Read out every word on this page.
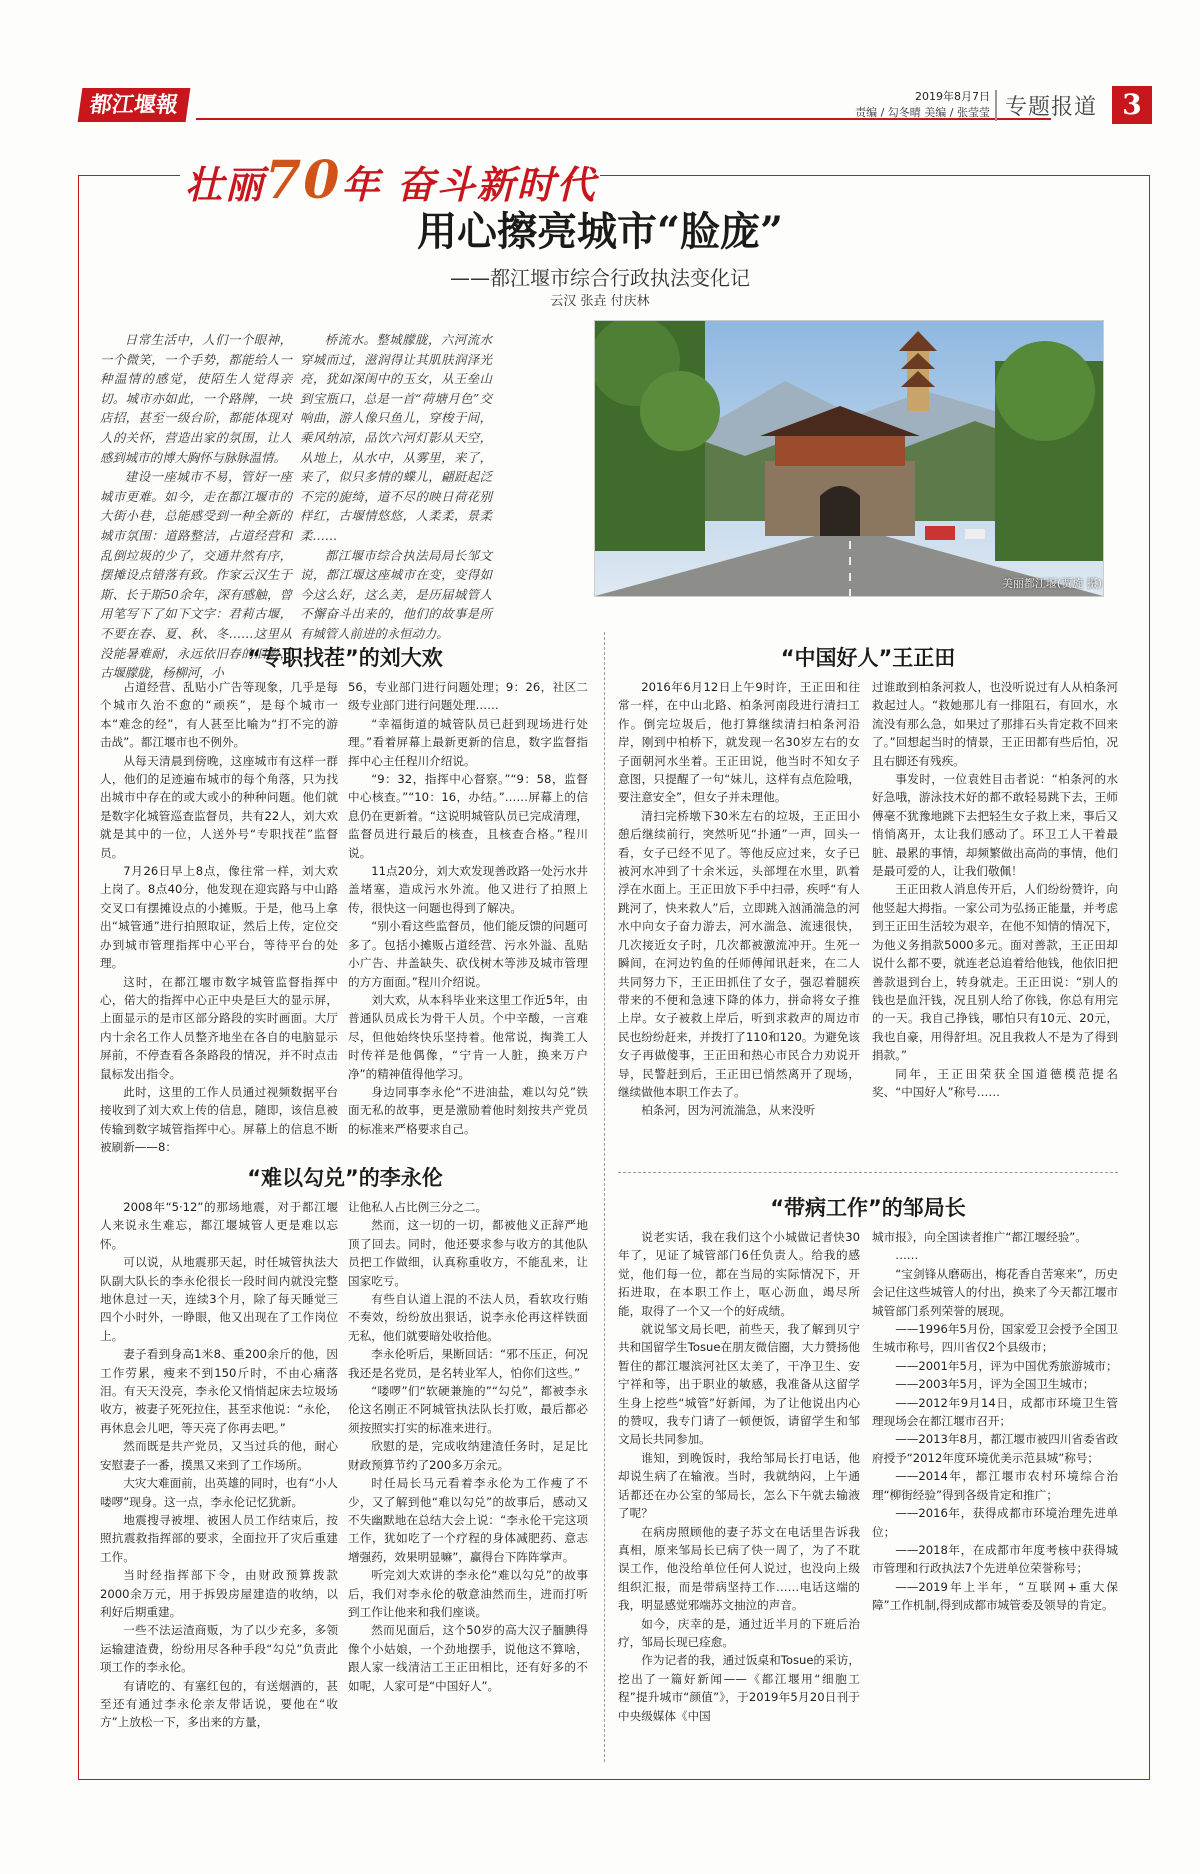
都江堰報	2019年8月7日
责编 / 勾冬晴 美编 / 张莹莹 专题报道 3
壮丽70年 奋斗新时代
用心擦亮城市“脸庞”
——都江堰市综合行政执法变化记
云汉 张垚 付庆林

日常生活中，人们一个眼神，一个微笑，一个手势，都能给人一种温情的感觉，使陌生人觉得亲切。城市亦如此，一个路牌，一块店招，甚至一级台阶，都能体现对人的关怀，营造出家的氛围，让人感到城市的博大胸怀与脉脉温情。

建设一座城市不易，管好一座城市更难。如今，走在都江堰市的大街小巷，总能感受到一种全新的城市氛围：道路整洁，占道经营和乱倒垃圾的少了，交通井然有序，摆摊设点错落有致。作家云汉生于斯、长于斯50余年，深有感触，曾用笔写下了如下文字：君莉古堰，不要在春、夏、秋、冬……这里从没能暑难耐，永远依旧春的旧影，古堰朦胧，杨柳河，小

桥流水。整城朦胧，六河流水穿城而过，滋润得让其肌肤润泽光亮，犹如深闺中的玉女，从王垒山到宝瓶口，总是一首“荷塘月色”交响曲，游人像只鱼儿，穿梭于间，乘风纳凉，品饮六河灯影从天空，从地上，从水中，从雾里，来了，来了，似只多情的蝶儿，翩跹起泛不完的旎绮，道不尽的映日荷花别样红，古堰情悠悠，人柔柔，景柔柔……

都江堰市综合执法局局长邹文说，都江堰这座城市在变，变得如今这么好，这么美，是历届城管人不懈奋斗出来的，他们的故事是所有城管人前进的永恒动力。

美丽都江堰(贾旋 摄)
“专职找茬”的刘大欢

占道经营、乱贴小广告等现象，几乎是每个城市久治不愈的“顽疾”，是每个城市一本“难念的经”，有人甚至比喻为“打不完的游击战”。都江堰市也不例外。

从每天清晨到傍晚，这座城市有这样一群人，他们的足迹遍布城市的每个角落，只为找出城市中存在的或大或小的种种问题。他们就是数字化城管巡查监督员，共有22人，刘大欢就是其中的一位，人送外号“专职找茬”监督员。

7月26日早上8点，像往常一样，刘大欢上岗了。8点40分，他发现在迎宾路与中山路交叉口有摆摊设点的小摊贩。于是，他马上拿出“城管通”进行拍照取证，然后上传，定位交办到城市管理指挥中心平台，等待平台的处理。

这时，在都江堰市数字城管监督指挥中心，偌大的指挥中心正中央是巨大的显示屏，上面显示的是市区部分路段的实时画面。大厅内十余名工作人员整齐地坐在各自的电脑显示屏前，不停查看各条路段的情况，并不时点击鼠标发出指令。

此时，这里的工作人员通过视频数据平台接收到了刘大欢上传的信息，随即，该信息被传输到数字城管指挥中心。屏幕上的信息不断被刷新——8：

56，专业部门进行问题处理；9：26，社区二级专业部门进行问题处理……

“幸福街道的城管队员已赶到现场进行处理。”看着屏幕上最新更新的信息，数字监督指挥中心主任程川介绍说。

“9：32，指挥中心督察。”“9：58，监督中心核查。”“10：16，办结。”……屏幕上的信息仍在更新着。“这说明城管队员已完成清理，监督员进行最后的核查，且核查合格。”程川说。

11点20分，刘大欢发现善政路一处污水井盖堵塞，造成污水外流。他又进行了拍照上传，很快这一问题也得到了解决。

“别小看这些监督员，他们能反馈的问题可多了。包括小摊贩占道经营、污水外溢、乱贴小广告、井盖缺失、砍伐树木等涉及城市管理的方方面面。”程川介绍说。

刘大欢，从本科毕业来这里工作近5年，由普通队员成长为骨干人员。个中辛酸，一言难尽，但他始终快乐坚持着。他常说，掏粪工人时传祥是他偶像，“宁肯一人脏，换来万户净”的精神值得他学习。

身边同事李永伦“不进油盐，难以勾兑”铁面无私的故事，更是激励着他时刻按共产党员的标准来严格要求自己。

“难以勾兑”的李永伦

2008年“5·12”的那场地震，对于都江堰人来说永生难忘，都江堰城管人更是难以忘怀。

可以说，从地震那天起，时任城管执法大队副大队长的李永伦很长一段时间内就没完整地休息过一天，连续3个月，除了每天睡觉三四个小时外，一睁眼，他又出现在了工作岗位上。

妻子看到身高1米8、重200余斤的他，因工作劳累，瘦来不到150斤时，不由心痛落泪。有天天没亮，李永伦又悄悄起床去垃圾场收方，被妻子死死拉住，甚至求他说：“永伦，再休息会儿吧，等天亮了你再去吧。”

然而既是共产党员，又当过兵的他，耐心安慰妻子一番，摸黑又来到了工作场所。

大灾大难面前，出英雄的同时，也有“小人喽啰”现身。这一点，李永伦记忆犹新。

地震搜寻被埋、被困人员工作结束后，按照抗震救指挥部的要求，全面拉开了灾后重建工作。

当时经指挥部下令，由财政预算拨款2000余万元，用于拆毁房屋建造的收纳，以利好后期重建。

一些不法运渣商贩，为了以少充多，多领运输建渣费，纷纷用尽各种手段“勾兑”负责此项工作的李永伦。

有请吃的、有塞红包的，有送烟酒的，甚至还有通过李永伦亲友带话说，要他在“收方”上放松一下，多出来的方量，

让他私人占比例三分之二。

然而，这一切的一切，都被他义正辞严地顶了回去。同时，他还要求参与收方的其他队员把工作做细，认真称重收方，不能乱来，让国家吃亏。

有些自认道上混的不法人员，看软攻行贿不奏效，纷纷放出狠话，说李永伦再这样铁面无私，他们就要暗处收拾他。

李永伦听后，果断回话：“邪不压正，何况我还是名党员，是名转业军人，怕你们这些。”

“喽啰”们“软硬兼施的”“勾兑”，都被李永伦这名刚正不阿城管执法队长打败，最后都必须按照实打实的标准来进行。

欣慰的是，完成收纳建渣任务时，足足比财政预算节约了200多万余元。

时任局长马元看着李永伦为工作瘦了不少，又了解到他“难以勾兑”的故事后，感动又不失幽默地在总结大会上说：“李永伦干完这项工作，犹如吃了一个疗程的身体减肥药、意志增强药，效果明显嘛”，赢得台下阵阵掌声。

听完刘大欢讲的李永伦“难以勾兑”的故事后，我们对李永伦的敬意油然而生，进而打听到工作让他来和我们座谈。

然而见面后，这个50岁的高大汉子腼腆得像个小姑娘，一个劲地摆手，说他这不算啥，跟人家一线清洁工王正田相比，还有好多的不如呢，人家可是“中国好人”。

“中国好人”王正田

2016年6月12日上午9时许，王正田和往常一样，在中山北路、柏条河南段进行清扫工作。倒完垃圾后，他打算继续清扫柏条河沿岸，刚到中柏桥下，就发现一名30岁左右的女子面朝河水坐着。王正田说，他当时不知女子意图，只提醒了一句“妹儿，这样有点危险哦，要注意安全”，但女子并未理他。

清扫完桥墩下30米左右的垃圾，王正田小憩后继续前行，突然听见“扑通”一声，回头一看，女子已经不见了。等他反应过来，女子已被河水冲到了十余米远，头部埋在水里，趴着浮在水面上。王正田放下手中扫帚，疾呼“有人跳河了，快来救人”后，立即跳入汹涌湍急的河水中向女子奋力游去，河水湍急、流速很快，几次接近女子时，几次都被激流冲开。生死一瞬间，在河边钓鱼的任师傅闻讯赶来，在二人共同努力下，王正田抓住了女子，强忍着腿疾带来的不便和急速下降的体力，拼命将女子推上岸。女子被救上岸后，听到求救声的周边市民也纷纷赶来，并拨打了110和120。为避免该女子再做傻事，王正田和热心市民合力劝说开导，民警赶到后，王正田已悄然离开了现场，继续做他本职工作去了。

柏条河，因为河流湍急，从来没听

过谁敢到柏条河救人，也没听说过有人从柏条河救起过人。“救她那儿有一排阻石，有回水，水流没有那么急，如果过了那排石头肯定救不回来了。”回想起当时的情景，王正田都有些后怕，况且右脚还有残疾。

事发时，一位袁姓目击者说：“柏条河的水好急哦，游泳技术好的都不敢轻易跳下去，王师傅毫不犹豫地跳下去把轻生女子救上来，事后又悄悄离开，太让我们感动了。环卫工人干着最脏、最累的事情，却频繁做出高尚的事情，他们是最可爱的人，让我们敬佩！

王正田救人消息传开后，人们纷纷赞许，向他竖起大拇指。一家公司为弘扬正能量，并考虑到王正田生活较为艰辛，在他不知情的情况下，为他义务捐款5000多元。面对善款，王正田却说什么都不要，就连老总追着给他钱，他依旧把善款退到台上，转身就走。王正田说：“别人的钱也是血汗钱，况且别人给了你钱，你总有用完的一天。我自己挣钱，哪怕只有10元、20元，我也自豪，用得舒坦。况且我救人不是为了得到捐款。”

同年，王正田荣获全国道德模范提名奖、“中国好人”称号……

“带病工作”的邹局长

说老实话，我在我们这个小城做记者快30年了，见证了城管部门6任负责人。给我的感觉，他们每一位，都在当局的实际情况下，开拓进取，在本职工作上，呕心沥血，竭尽所能，取得了一个又一个的好成绩。

就说邹文局长吧，前些天，我了解到贝宁共和国留学生Tosue在朋友微信圈，大力赞扬他暂住的都江堰滨河社区太美了，干净卫生、安宁祥和等，出于职业的敏感，我准备从这留学生身上挖些“城管”好新闻，为了让他说出内心的赞叹，我专门请了一顿便饭，请留学生和邹文局长共同参加。

谁知，到晚饭时，我给邹局长打电话，他却说生病了在输液。当时，我就纳闷，上午通话都还在办公室的邹局长，怎么下午就去输液了呢？

在病房照顾他的妻子苏文在电话里告诉我真相，原来邹局长已病了快一周了，为了不耽误工作，他没给单位任何人说过，也没向上级组织汇报，而是带病坚持工作……电话这端的我，明显感觉邪端苏文抽泣的声音。

如今，庆幸的是，通过近半月的下班后治疗，邹局长现已痊愈。

作为记者的我，通过饭桌和Tosue的采访，挖出了一篇好新闻——《都江堰用“细胞工程”提升城市“颜值”》，于2019年5月20日刊于中央级媒体《中国

城市报》，向全国读者推广“都江堰经验”。

……

“宝剑锋从磨砺出，梅花香自苦寒来”，历史会记住这些城管人的付出，换来了今天都江堰市城管部门系列荣誉的展现。

——1996年5月份，国家爱卫会授予全国卫生城市称号，四川省仅2个县级市；

——2001年5月，评为中国优秀旅游城市；

——2003年5月，评为全国卫生城市；

——2012年9月14日，成都市环境卫生管理现场会在都江堰市召开；

——2013年8月，都江堰市被四川省委省政府授予“2012年度环境优美示范县城”称号；

——2014年，都江堰市农村环境综合治理“柳街经验”得到各级肯定和推广；

——2016年，获得成都市环境治理先进单位；

——2018年，在成都市年度考核中获得城市管理和行政执法7个先进单位荣誉称号；

——2019年上半年，“互联网+重大保障”工作机制,得到成都市城管委及领导的肯定。
